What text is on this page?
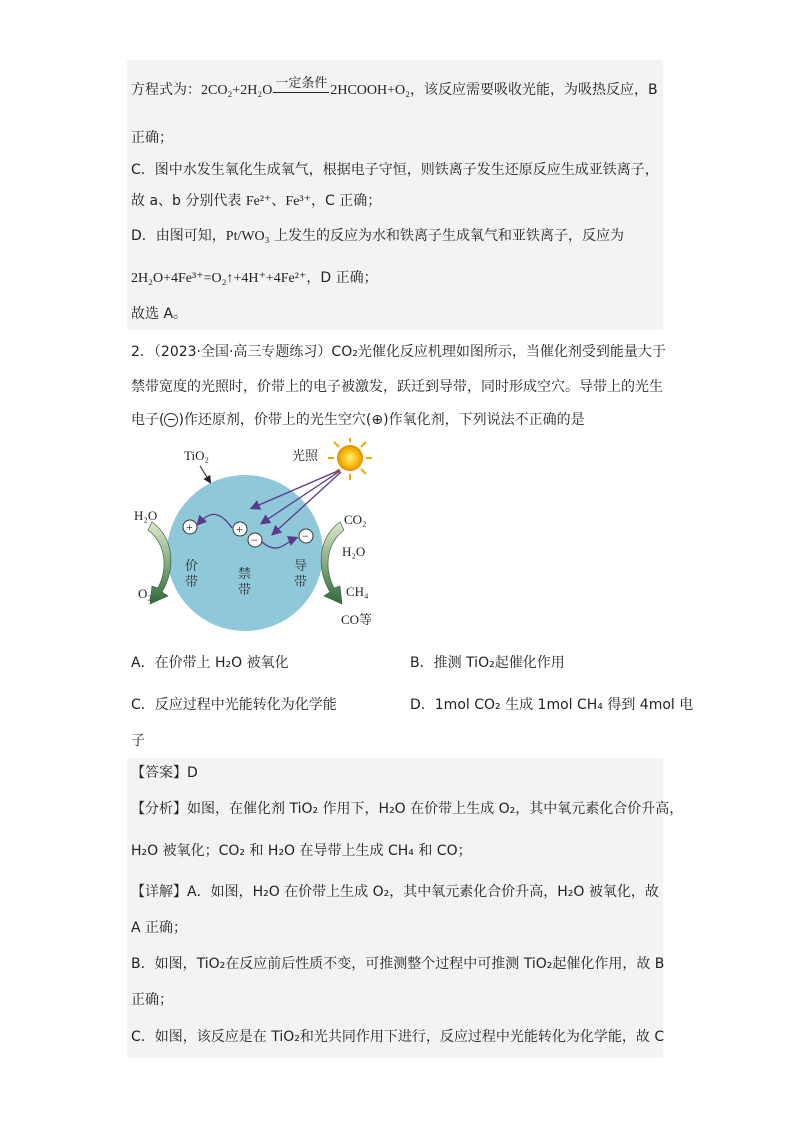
方程式为：2CO₂+2H₂O 一定条件 2HCOOH+O₂，该反应需要吸收光能，为吸热反应，B
正确；
C．图中水发生氧化生成氧气，根据电子守恒，则铁离子发生还原反应生成亚铁离子，
故 a、b 分别代表 Fe²⁺、Fe³⁺，C 正确；
D．由图可知，Pt/WO₃ 上发生的反应为水和铁离子生成氧气和亚铁离子，反应为
2H₂O+4Fe³⁺=O₂↑+4H⁺+4Fe²⁺，D 正确；
故选 A。
2．（2023·全国·高三专题练习）CO₂光催化反应机理如图所示，当催化剂受到能量大于
禁带宽度的光照时，价带上的电子被激发，跃迁到导带，同时形成空穴。导带上的光生
电子( − )作还原剂，价带上的光生空穴(⊕)作氧化剂，下列说法不正确的是
TiO₂	光照
+	+
−	−
价
带
禁
带
导
带
H₂O
O₂
CO₂
H₂O
CH₄
CO等
A．在价带上 H₂O 被氧化	B．推测 TiO₂起催化作用
C．反应过程中光能转化为化学能	D．1mol CO₂ 生成 1mol CH₄ 得到 4mol 电
子
【答案】D
【分析】如图，在催化剂 TiO₂ 作用下，H₂O 在价带上生成 O₂，其中氧元素化合价升高，
H₂O 被氧化；CO₂ 和 H₂O 在导带上生成 CH₄ 和 CO；
【详解】A．如图，H₂O 在价带上生成 O₂，其中氧元素化合价升高，H₂O 被氧化，故
A 正确；
B．如图，TiO₂在反应前后性质不变，可推测整个过程中可推测 TiO₂起催化作用，故 B
正确；
C．如图，该反应是在 TiO₂和光共同作用下进行，反应过程中光能转化为化学能，故 C
